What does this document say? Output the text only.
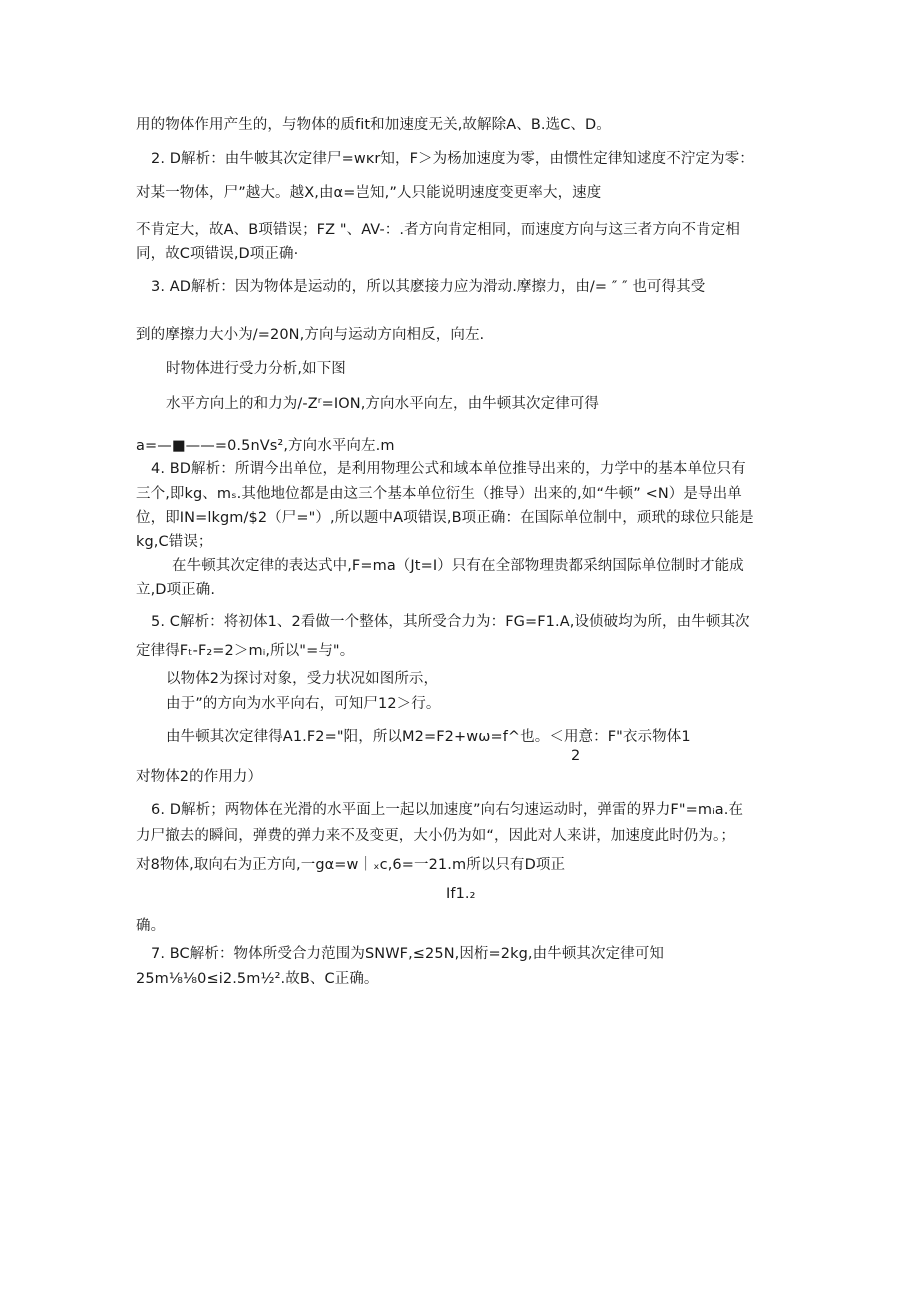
用的物体作用产生的，与物体的质fit和加速度无关,故解除A、B.选C、D。
2. D解析：由牛帔其次定律尸=ᴡᴋr知，F＞为杨加速度为零，由惯性定律知逑度不泞定为零：
对某一物体，尸”越大。越X,由α=岂知,”人只能说明速度变更率大，速度
不肯定大，故A、B项错误；FZ "、AV-：.者方向肯定相同，而速度方向与这三者方向不肯定相
同，故C项错误,D项正确·
3. AD解析：因为物体是运动的，所以其麽接力应为滑动.摩擦力，由/= ″ ″ 也可得其受
到的摩擦力大小为/=20N,方向与运动方向相反，向左.
时物体进行受力分析,如下图
水平方向上的和力为/-Zʳ=ION,方向水平向左，由牛顿其次定律可得
a=—■——=0.5nVs²,方向水平向左.m
4. BD解析：所谓今出单位，是利用物理公式和域本单位推导出来的，力学中的基本单位只有
三个,即kg、mₛ.其他地位都是由这三个基本单位衍生（推导）出来的,如“牛顿” <N）是导出单
位，即IN=lkgm/$2（尸="）,所以题中A项错误,B项正确：在国际单位制中，顽玳的球位只能是
kg,C错误；
在牛顿其次定律的表达式中,F=ma（Jt=I）只有在全部物理贵都采纳国际单位制时才能成
立,D项正确.
5. C解析：将初体1、2看做一个整体，其所受合力为：FG=F1.A,设侦破均为所，由牛顿其次
定律得Fₜ-F₂=2＞mᵢ,所以"=与"。
以物体2为探讨对象，受力状况如图所示，
由于”的方向为水平向右，可知尸12＞行。
由牛顿其次定律得A1.F2="阳，所以M2=F2+ᴡω=f^也。＜用意：F"衣示物体1
2
对物体2的作用力）
6. D解析；两物体在光滑的水平面上一起以加速度”向右匀速运动时，弹雷的界力F"=mᵢa.在
力尸撤去的瞬间，弹费的弹力来不及变更，大小仍为如“，因此对人来讲，加速度此时仍为。；
对8物体,取向右为正方向,一gα=ᴡ｜ₓc,6=一21.m所以只有D项正
If1.₂
确。
7. BC解析：物体所受合力范围为SNWF,≤25N,因桁=2kg,由牛顿其次定律可知
25m⅛⅛0≤i2.5m½².故B、C正确。
